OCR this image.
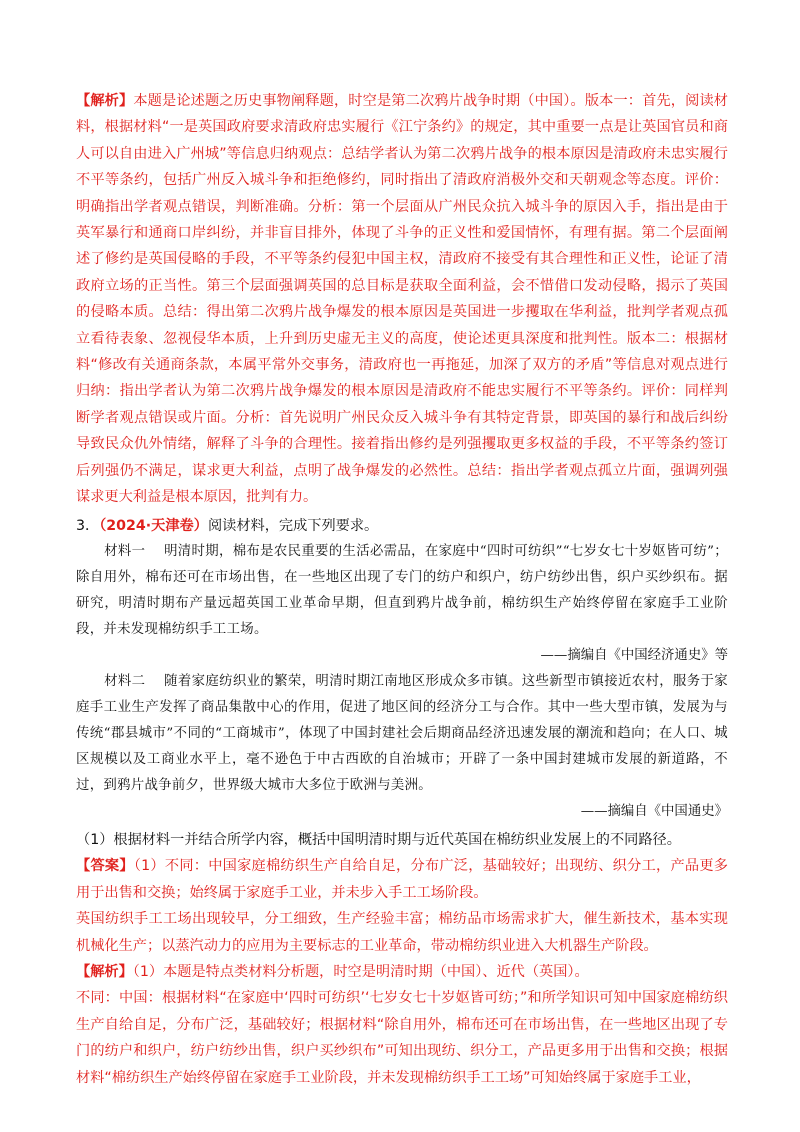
【解析】本题是论述题之历史事物阐释题，时空是第二次鸦片战争时期（中国）。版本一：首先，阅读材料，根据材料“一是英国政府要求清政府忠实履行《江宁条约》的规定，其中重要一点是让英国官员和商人可以自由进入广州城”等信息归纳观点：总结学者认为第二次鸦片战争的根本原因是清政府未忠实履行不平等条约，包括广州反入城斗争和拒绝修约，同时指出了清政府消极外交和天朝观念等态度。评价：明确指出学者观点错误，判断准确。分析：第一个层面从广州民众抗入城斗争的原因入手，指出是由于英军暴行和通商口岸纠纷，并非盲目排外，体现了斗争的正义性和爱国情怀，有理有据。第二个层面阐述了修约是英国侵略的手段，不平等条约侵犯中国主权，清政府不接受有其合理性和正义性，论证了清政府立场的正当性。第三个层面强调英国的总目标是获取全面利益，会不惜借口发动侵略，揭示了英国的侵略本质。总结：得出第二次鸦片战争爆发的根本原因是英国进一步攫取在华利益，批判学者观点孤立看待表象、忽视侵华本质，上升到历史虚无主义的高度，使论述更具深度和批判性。版本二：根据材料“修改有关通商条款，本属平常外交事务，清政府也一再拖延，加深了双方的矛盾”等信息对观点进行归纳：指出学者认为第二次鸦片战争爆发的根本原因是清政府不能忠实履行不平等条约。评价：同样判断学者观点错误或片面。分析：首先说明广州民众反入城斗争有其特定背景，即英国的暴行和战后纠纷导致民众仇外情绪，解释了斗争的合理性。接着指出修约是列强攫取更多权益的手段，不平等条约签订后列强仍不满足，谋求更大利益，点明了战争爆发的必然性。总结：指出学者观点孤立片面，强调列强谋求更大利益是根本原因，批判有力。

3．（2024·天津卷）阅读材料，完成下列要求。

材料一 明清时期，棉布是农民重要的生活必需品，在家庭中“四时可纺织”“七岁女七十岁妪皆可纺”；除自用外，棉布还可在市场出售，在一些地区出现了专门的纺户和织户，纺户纺纱出售，织户买纱织布。据研究，明清时期布产量远超英国工业革命早期，但直到鸦片战争前，棉纺织生产始终停留在家庭手工业阶段，并未发现棉纺织手工工场。

——摘编自《中国经济通史》等

材料二 随着家庭纺织业的繁荣，明清时期江南地区形成众多市镇。这些新型市镇接近农村，服务于家庭手工业生产发挥了商品集散中心的作用，促进了地区间的经济分工与合作。其中一些大型市镇，发展为与传统“郡县城市”不同的“工商城市”，体现了中国封建社会后期商品经济迅速发展的潮流和趋向；在人口、城区规模以及工商业水平上，毫不逊色于中古西欧的自治城市；开辟了一条中国封建城市发展的新道路，不过，到鸦片战争前夕，世界级大城市大多位于欧洲与美洲。

——摘编自《中国通史》

（1）根据材料一并结合所学内容，概括中国明清时期与近代英国在棉纺织业发展上的不同路径。

【答案】（1）不同：中国家庭棉纺织生产自给自足，分布广泛，基础较好；出现纺、织分工，产品更多用于出售和交换；始终属于家庭手工业，并未步入手工工场阶段。

英国纺织手工工场出现较早，分工细致，生产经验丰富；棉纺品市场需求扩大，催生新技术，基本实现机械化生产；以蒸汽动力的应用为主要标志的工业革命，带动棉纺织业进入大机器生产阶段。

【解析】（1）本题是特点类材料分析题，时空是明清时期（中国）、近代（英国）。

不同：中国：根据材料“在家庭中‘四时可纺织’‘七岁女七十岁妪皆可纺；”和所学知识可知中国家庭棉纺织生产自给自足，分布广泛，基础较好；根据材料“除自用外，棉布还可在市场出售，在一些地区出现了专门的纺户和织户，纺户纺纱出售，织户买纱织布”可知出现纺、织分工，产品更多用于出售和交换；根据材料“棉纺织生产始终停留在家庭手工业阶段，并未发现棉纺织手工工场”可知始终属于家庭手工业，
